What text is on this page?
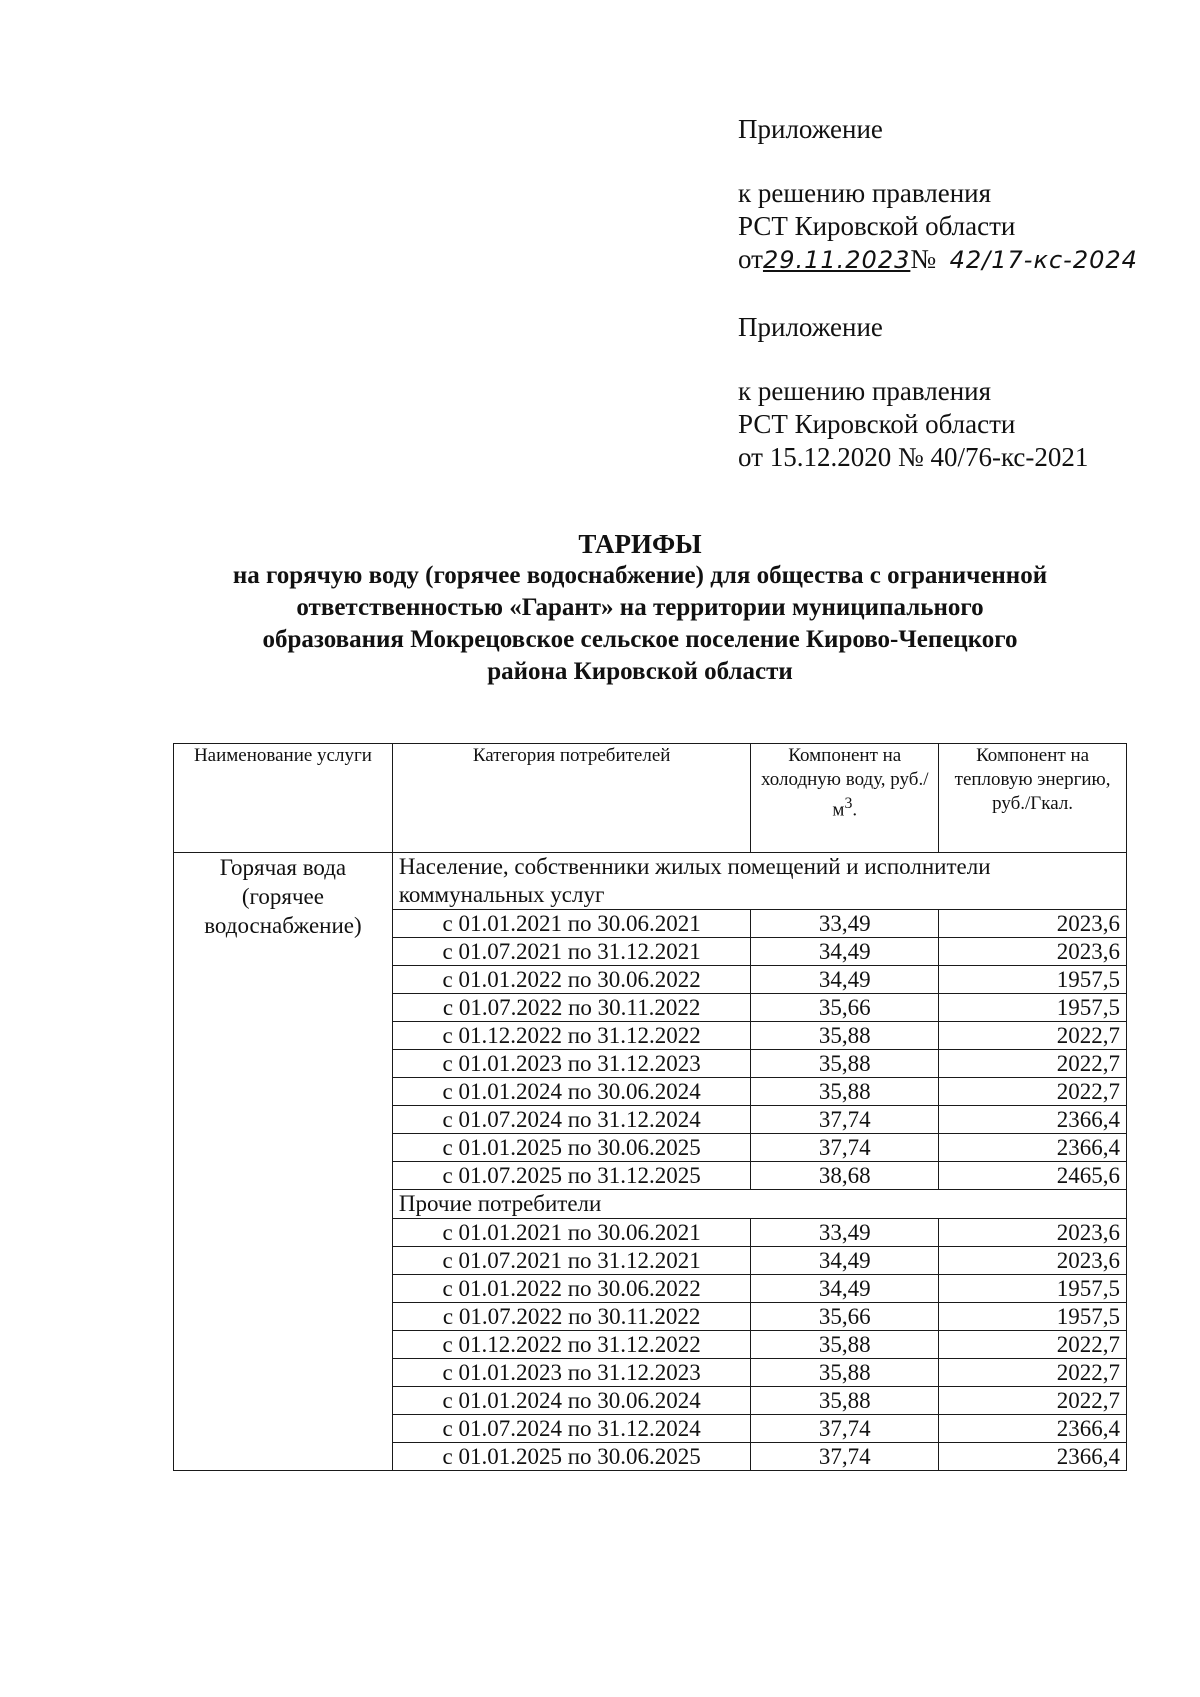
Приложение

к решению правления

РСТ Кировской области

от29.11.2023№ 42/17-кс-2024

Приложение

к решению правления

РСТ Кировской области

от 15.12.2020 № 40/76-кс-2021

ТАРИФЫ

на горячую воду (горячее водоснабжение) для общества с ограниченной

ответственностью «Гарант» на территории муниципального

образования Мокрецовское сельское поселение Кирово-Чепецкого

района Кировской области

Наименование услуги	Категория потребителей	Компонент на холодную воду, $руб./м^3$.	Компонент на тепловую энергию, руб./Гкал.
Горячая вода (горячее водоснабжение)	Население, собственники жилых помещений и исполнители коммунальных услуг		
	с 01.01.2021 по 30.06.2021	33,49	2023,6
	с 01.07.2021 по 31.12.2021	34,49	2023,6
	с 01.01.2022 по 30.06.2022	34,49	1957,5
	с 01.07.2022 по 30.11.2022	35,66	1957,5
	с 01.12.2022 по 31.12.2022	35,88	2022,7
	с 01.01.2023 по 31.12.2023	35,88	2022,7
	с 01.01.2024 по 30.06.2024	35,88	2022,7
	с 01.07.2024 по 31.12.2024	37,74	2366,4
	с 01.01.2025 по 30.06.2025	37,74	2366,4
	с 01.07.2025 по 31.12.2025	38,68	2465,6
	Прочие потребители		
	с 01.01.2021 по 30.06.2021	33,49	2023,6
	с 01.07.2021 по 31.12.2021	34,49	2023,6
	с 01.01.2022 по 30.06.2022	34,49	1957,5
	с 01.07.2022 по 30.11.2022	35,66	1957,5
	с 01.12.2022 по 31.12.2022	35,88	2022,7
	с 01.01.2023 по 31.12.2023	35,88	2022,7
	с 01.01.2024 по 30.06.2024	35,88	2022,7
	с 01.07.2024 по 31.12.2024	37,74	2366,4
	с 01.01.2025 по 30.06.2025	37,74	2366,4
